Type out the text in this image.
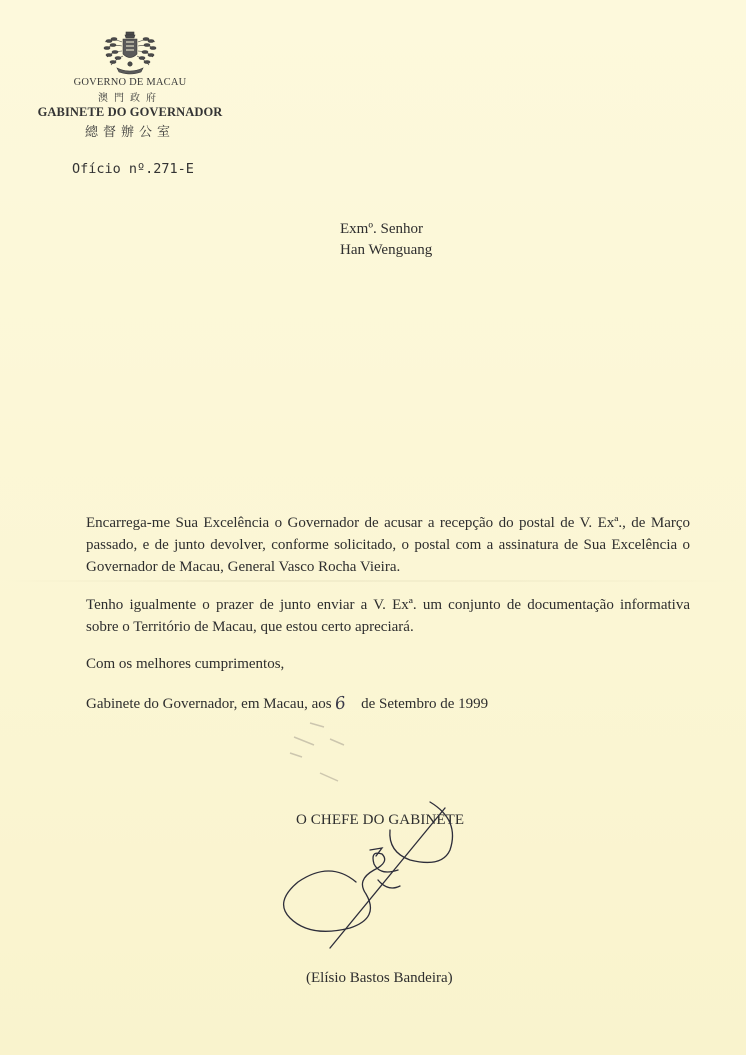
GOVERNO DE MACAU
澳門政府
GABINETE DO GOVERNADOR
總督辦公室
Ofício nº.271-E
Exmº. Senhor
Han Wenguang

Encarrega-me Sua Excelência o Governador de acusar a recepção do postal de V. Exª., de Março passado, e de junto devolver, conforme solicitado, o postal com a assinatura de Sua Excelência o Governador de Macau, General Vasco Rocha Vieira.

Tenho igualmente o prazer de junto enviar a V. Exª. um conjunto de documentação informativa sobre o Território de Macau, que estou certo apreciará.

Com os melhores cumprimentos,

Gabinete do Governador, em Macau, aos 6 de Setembro de 1999

O CHEFE DO GABINETE
(Elísio Bastos Bandeira)
